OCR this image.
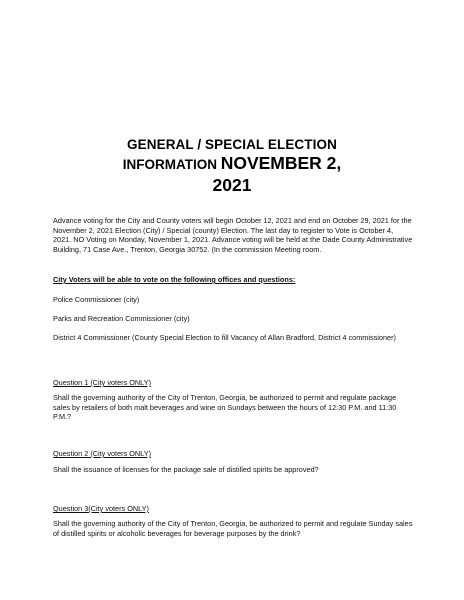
GENERAL / SPECIAL ELECTION
INFORMATION NOVEMBER 2,
2021
Advance voting for the City and County voters will begin October 12, 2021 and end on October 29, 2021 for the November 2, 2021 Election (City) / Special (county) Election. The last day to register to Vote is October 4, 2021. NO Voting on Monday, November 1, 2021. Advance voting will be held at the Dade County Administrative Building, 71 Case Ave., Trenton, Georgia 30752. (In the commission Meeting room.
City Voters will be able to vote on the following offices and questions:
Police Commissioner (city)
Parks and Recreation Commissioner (city)
District 4 Commissioner (County Special Election to fill Vacancy of Allan Bradford, District 4 commissioner)
Question 1 (City voters ONLY)
Shall the governing authority of the City of Trenton, Georgia, be authorized to permit and regulate package sales by retailers of both malt beverages and wine on Sundays between the hours of 12:30 P.M. and 11:30 P.M.?
Question 2 (City voters ONLY)
Shall the issuance of licenses for the package sale of distilled spirits be approved?
Question 3(City voters ONLY)
Shall the governing authority of the City of Trenton, Georgia, be authorized to permit and regulate Sunday sales of distilled spirits or alcoholic beverages for beverage purposes by the drink?
